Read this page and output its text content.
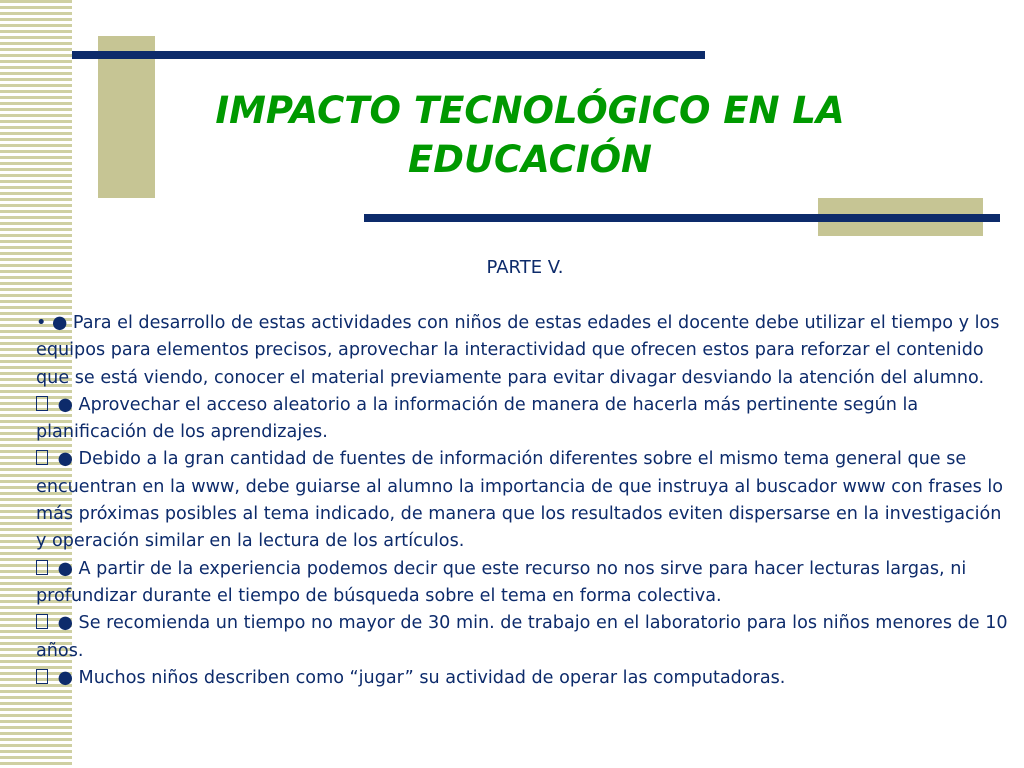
IMPACTO TECNOLÓGICO EN LA EDUCACIÓN
PARTE V.

• ● Para el desarrollo de estas actividades con niños de estas edades el docente debe utilizar el tiempo y los equipos para elementos precisos, aprovechar la interactividad que ofrecen estos para reforzar el contenido que se está viendo, conocer el material previamente para evitar divagar desviando la atención del alumno.

● Aprovechar el acceso aleatorio a la información de manera de hacerla más pertinente según la planificación de los aprendizajes.

● Debido a la gran cantidad de fuentes de información diferentes sobre el mismo tema general que se encuentran en la www, debe guiarse al alumno la importancia de que instruya al buscador www con frases lo más próximas posibles al tema indicado, de manera que los resultados eviten dispersarse en la investigación y operación similar en la lectura de los artículos.

● A partir de la experiencia podemos decir que este recurso no nos sirve para hacer lecturas largas, ni profundizar durante el tiempo de búsqueda sobre el tema en forma colectiva.

● Se recomienda un tiempo no mayor de 30 min. de trabajo en el laboratorio para los niños menores de 10 años.

● Muchos niños describen como “jugar” su actividad de operar las computadoras.
